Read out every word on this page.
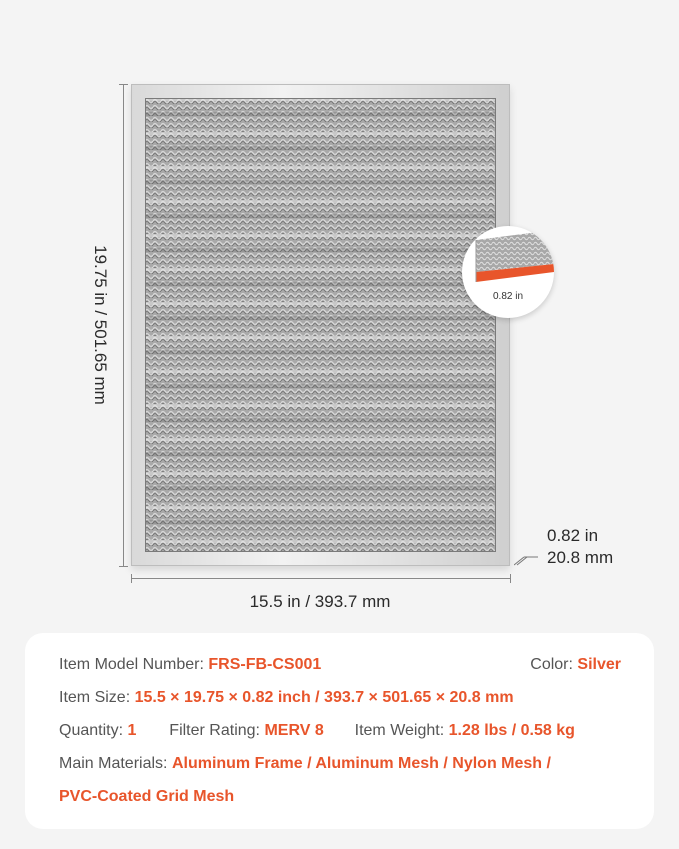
19.75 in / 501.65 mm
15.5 in / 393.7 mm
0.82 in
20.8 mm
0.82 in
Item Model Number: FRS-FB-CS001	Color: Silver
Item Size: 15.5 × 19.75 × 0.82 inch / 393.7 × 501.65 × 20.8 mm
Quantity: 1 Filter Rating: MERV 8 Item Weight: 1.28 lbs / 0.58 kg
Main Materials: Aluminum Frame / Aluminum Mesh / Nylon Mesh /
PVC-Coated Grid Mesh
